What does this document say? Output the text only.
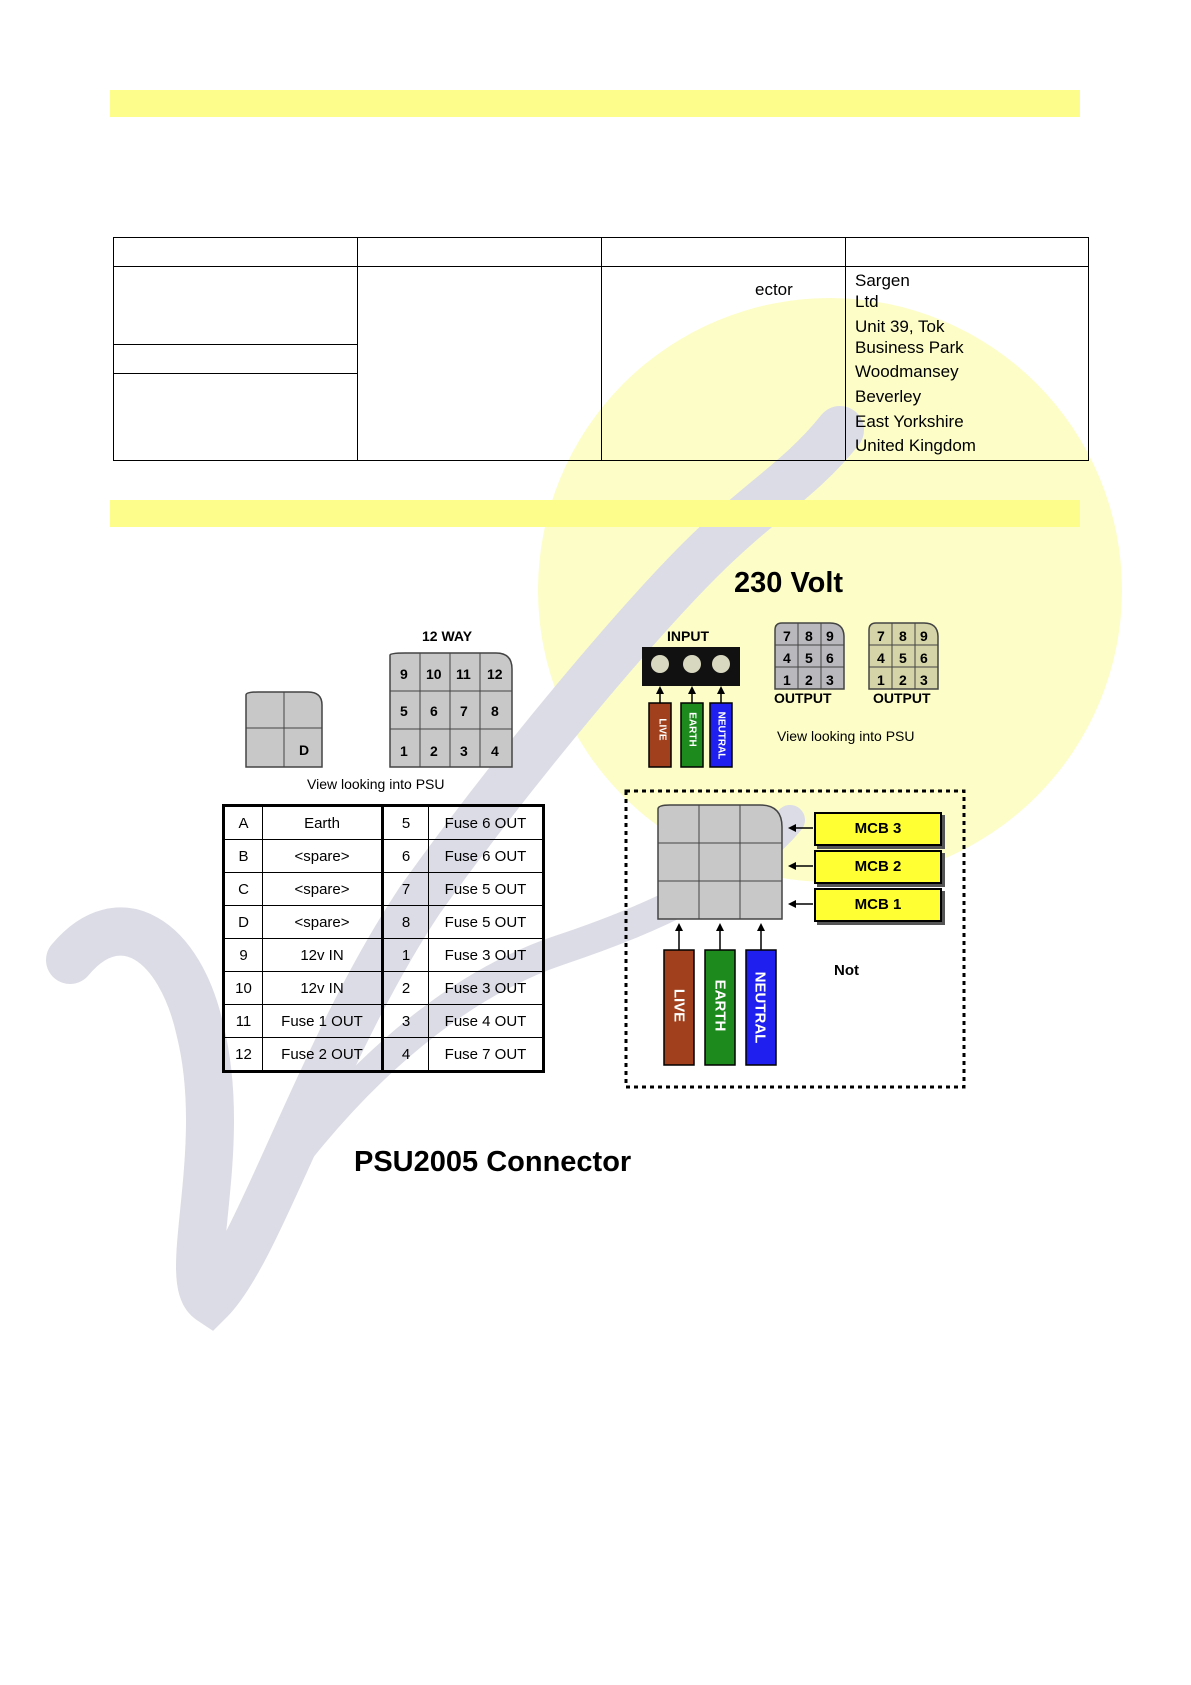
ector	Sargen
Ltd
Unit 39, Tok
Business Park
Woodmansey
Beverley
East Yorkshire
United Kingdom
12 WAY
D
9 10 11 12
5 6 7 8
1 2 3 4
View looking into PSU
A	Earth	5	Fuse 6 OUT
B	<spare>	6	Fuse 6 OUT
C	<spare>	7	Fuse 5 OUT
D	<spare>	8	Fuse 5 OUT
9	12v IN	1	Fuse 3 OUT
10	12v IN	2	Fuse 3 OUT
11	Fuse 1 OUT	3	Fuse 4 OUT
12	Fuse 2 OUT	4	Fuse 7 OUT
230 Volt
INPUT
LIVE EARTH NEUTRAL
7 8 9
4 5 6
1 2 3
7 8 9
4 5 6
1 2 3
OUTPUT	OUTPUT
View looking into PSU
LIVE EARTH NEUTRAL
MCB 3
MCB 2
MCB 1
Not
PSU2005 Connector
